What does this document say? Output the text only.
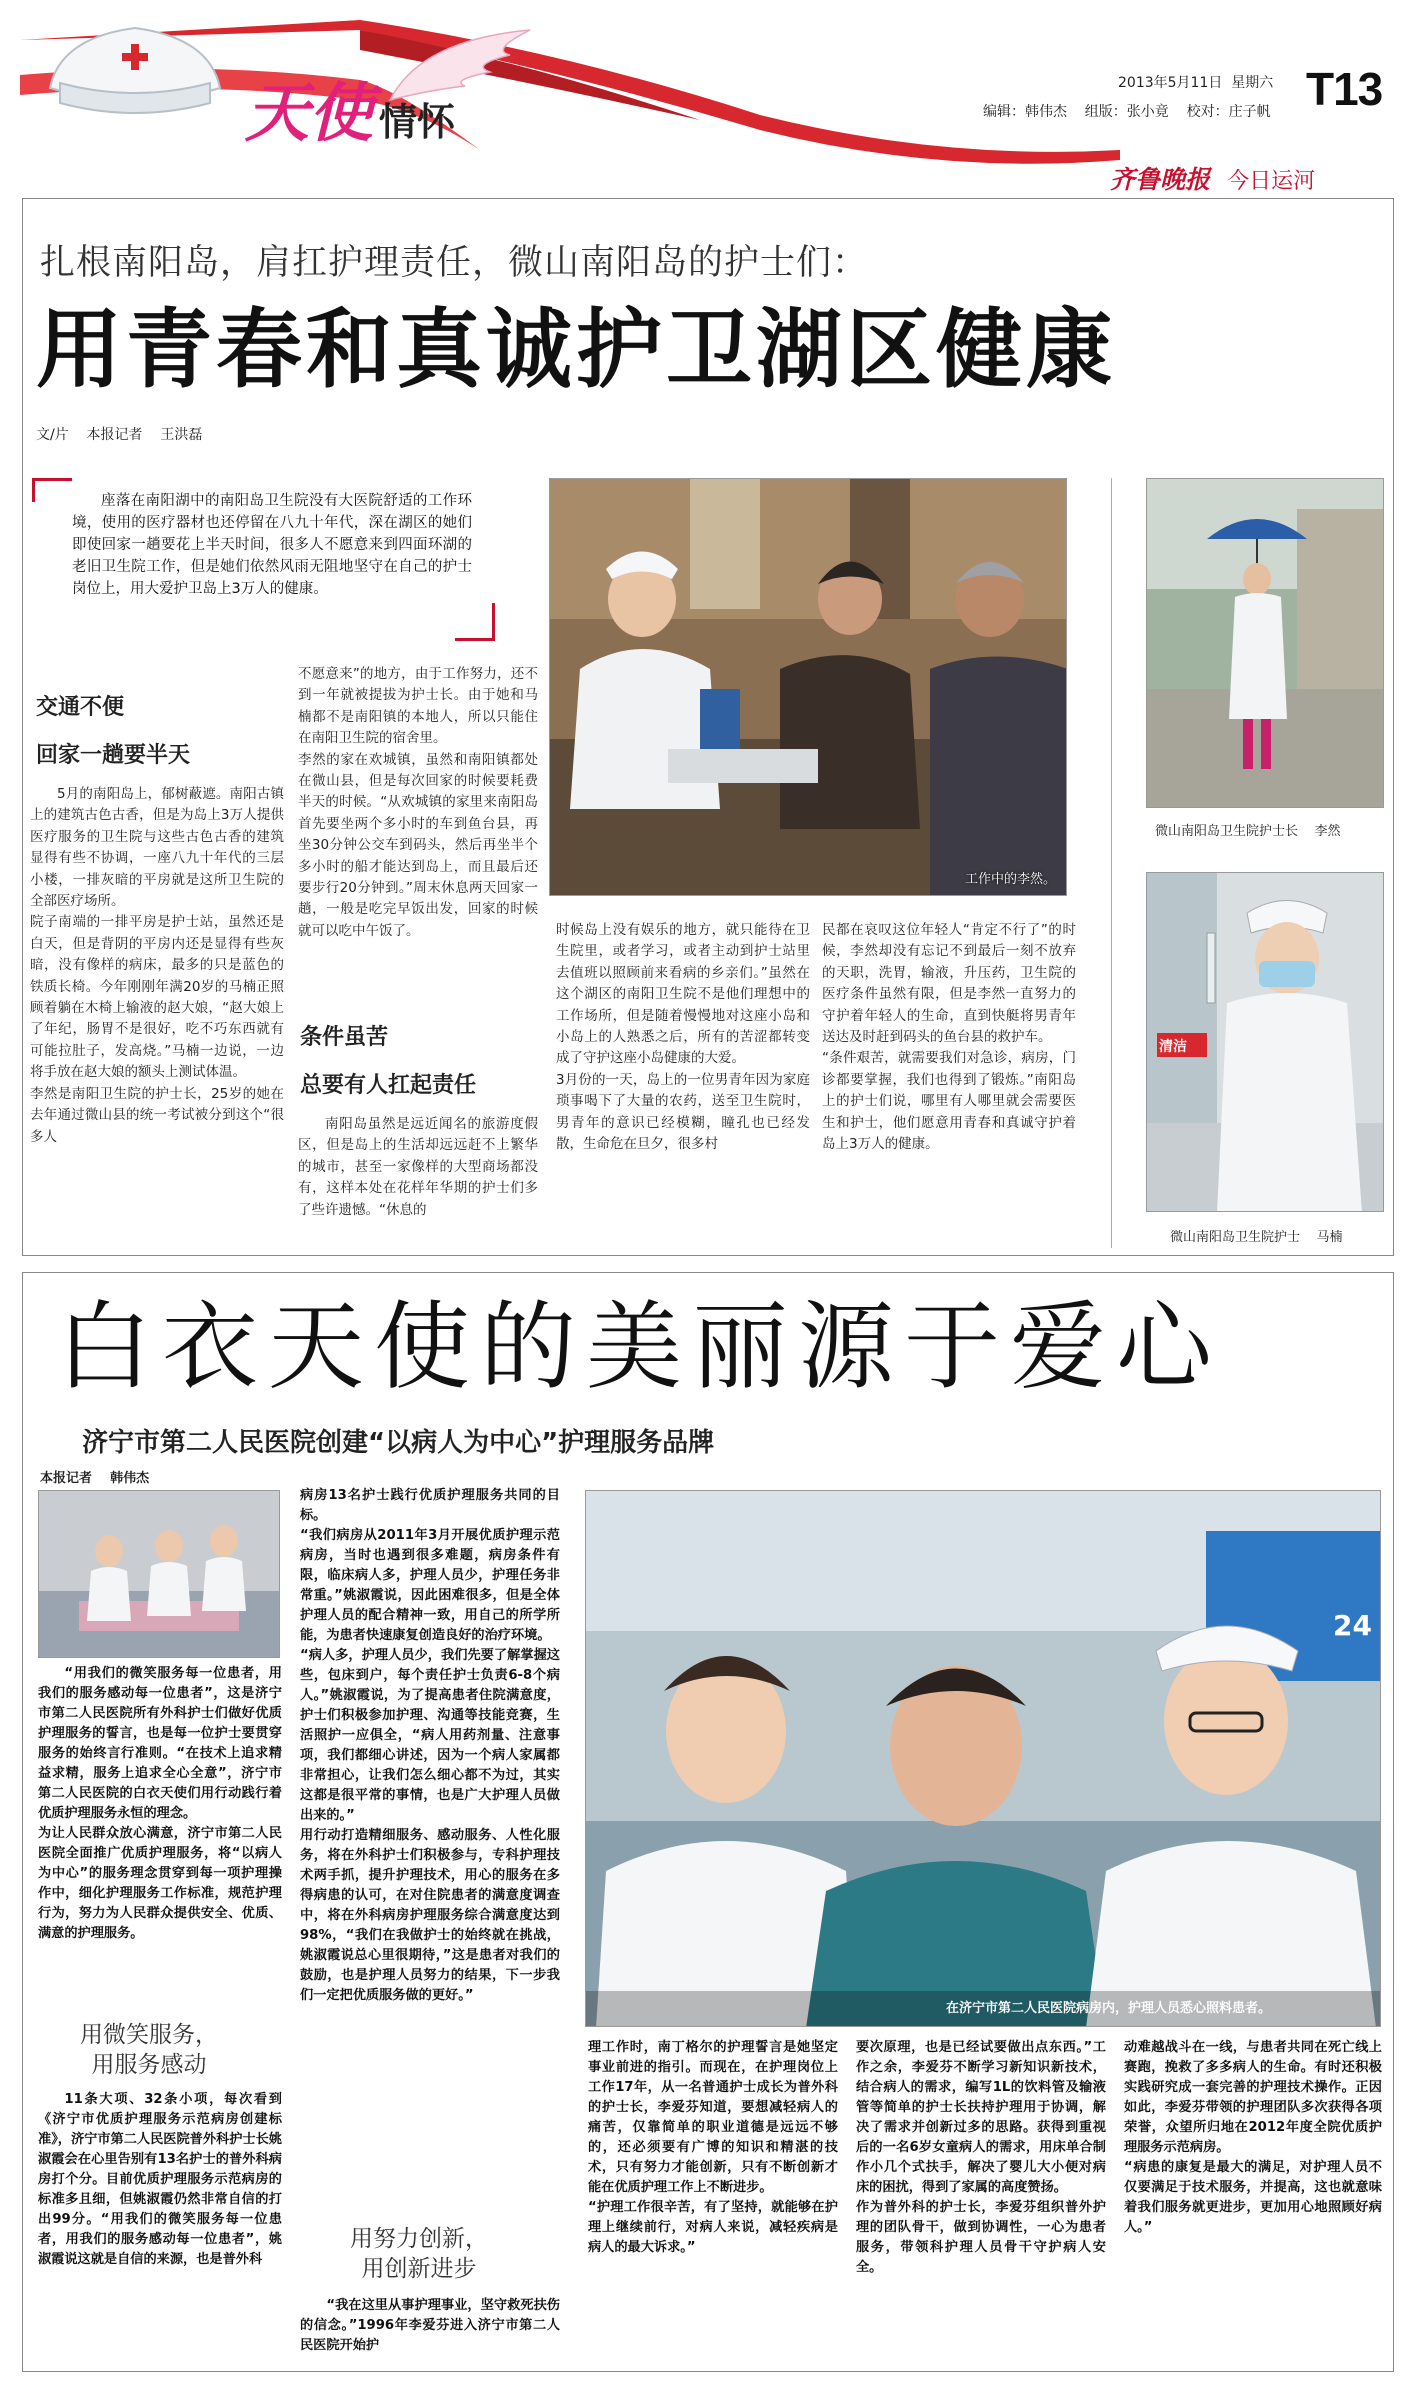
天使 情怀
2013年5月11日 星期六 T13
编辑：韩伟杰    组版：张小竟    校对：庄子帆
齐鲁晚报 今日运河
扎根南阳岛，肩扛护理责任，微山南阳岛的护士们：
用青春和真诚护卫湖区健康
文/片    本报记者    王洪磊
座落在南阳湖中的南阳岛卫生院没有大医院舒适的工作环境，使用的医疗器材也还停留在八九十年代，深在湖区的她们即使回家一趟要花上半天时间，很多人不愿意来到四面环湖的老旧卫生院工作，但是她们依然风雨无阻地坚守在自己的护士岗位上，用大爱护卫岛上3万人的健康。
交通不便
回家一趟要半天
5月的南阳岛上，郁树蔽遮。南阳古镇上的建筑古色古香，但是为岛上3万人提供医疗服务的卫生院与这些古色古香的建筑显得有些不协调，一座八九十年代的三层小楼，一排灰暗的平房就是这所卫生院的全部医疗场所。
院子南端的一排平房是护士站，虽然还是白天，但是背阴的平房内还是显得有些灰暗，没有像样的病床，最多的只是蓝色的铁质长椅。今年刚刚年满20岁的马楠正照顾着躺在木椅上输液的赵大娘，“赵大娘上了年纪，肠胃不是很好，吃不巧东西就有可能拉肚子，发高烧。”马楠一边说，一边将手放在赵大娘的额头上测试体温。
李然是南阳卫生院的护士长，25岁的她在去年通过微山县的统一考试被分到这个“很多人
不愿意来”的地方，由于工作努力，还不到一年就被提拔为护士长。由于她和马楠都不是南阳镇的本地人，所以只能住在南阳卫生院的宿舍里。
李然的家在欢城镇，虽然和南阳镇都处在微山县，但是每次回家的时候要耗费半天的时候。“从欢城镇的家里来南阳岛首先要坐两个多小时的车到鱼台县，再坐30分钟公交车到码头，然后再坐半个多小时的船才能达到岛上，而且最后还要步行20分钟到。”周末休息两天回家一趟，一般是吃完早饭出发，回家的时候就可以吃中午饭了。
条件虽苦
总要有人扛起责任
南阳岛虽然是远近闻名的旅游度假区，但是岛上的生活却远远赶不上繁华的城市，甚至一家像样的大型商场都没有，这样本处在花样年华期的护士们多了些许遗憾。“休息的
工作中的李然。
时候岛上没有娱乐的地方，就只能待在卫生院里，或者学习，或者主动到护士站里去值班以照顾前来看病的乡亲们。”虽然在这个湖区的南阳卫生院不是他们理想中的工作场所，但是随着慢慢地对这座小岛和小岛上的人熟悉之后，所有的苦涩都转变成了守护这座小岛健康的大爱。
3月份的一天，岛上的一位男青年因为家庭琐事喝下了大量的农药，送至卫生院时，男青年的意识已经模糊，瞳孔也已经发散，生命危在旦夕，很多村
民都在哀叹这位年轻人“肯定不行了”的时候，李然却没有忘记不到最后一刻不放弃的天职，洗胃，输液，升压药，卫生院的医疗条件虽然有限，但是李然一直努力的守护着年轻人的生命，直到快艇将男青年送达及时赶到码头的鱼台县的救护车。
“条件艰苦，就需要我们对急诊，病房，门诊都要掌握，我们也得到了锻炼。”南阳岛上的护士们说，哪里有人哪里就会需要医生和护士，他们愿意用青春和真诚守护着岛上3万人的健康。
微山南阳岛卫生院护士长    李然
清洁
微山南阳岛卫生院护士    马楠
白衣天使的美丽源于爱心
济宁市第二人民医院创建“以病人为中心”护理服务品牌
本报记者    韩伟杰
“用我们的微笑服务每一位患者，用我们的服务感动每一位患者”，这是济宁市第二人民医院所有外科护士们做好优质护理服务的誓言，也是每一位护士要贯穿服务的始终言行准则。“在技术上追求精益求精，服务上追求全心全意”，济宁市第二人民医院的白衣天使们用行动践行着优质护理服务永恒的理念。
为让人民群众放心满意，济宁市第二人民医院全面推广优质护理服务，将“以病人为中心”的服务理念贯穿到每一项护理操作中，细化护理服务工作标准，规范护理行为，努力为人民群众提供安全、优质、满意的护理服务。
用微笑服务，
用服务感动
11条大项、32条小项，每次看到《济宁市优质护理服务示范病房创建标准》，济宁市第二人民医院普外科护士长姚淑霞会在心里告别有13名护士的普外科病房打个分。目前优质护理服务示范病房的标准多且细，但姚淑霞仍然非常自信的打出99分。“用我们的微笑服务每一位患者，用我们的服务感动每一位患者”，姚淑霞说这就是自信的来源，也是普外科
病房13名护士践行优质护理服务共同的目标。
“我们病房从2011年3月开展优质护理示范病房，当时也遇到很多难题，病房条件有限，临床病人多，护理人员少，护理任务非常重。”姚淑霞说，因此困难很多，但是全体护理人员的配合精神一致，用自己的所学所能，为患者快速康复创造良好的治疗环境。
“病人多，护理人员少，我们先要了解掌握这些，包床到户，每个责任护士负责6-8个病人。”姚淑霞说，为了提高患者住院满意度，护士们积极参加护理、沟通等技能竞赛，生活照护一应俱全，“病人用药剂量、注意事项，我们都细心讲述，因为一个病人家属都非常担心，让我们怎么细心都不为过，其实这都是很平常的事情，也是广大护理人员做出来的。”
用行动打造精细服务、感动服务、人性化服务，将在外科护士们积极参与，专科护理技术两手抓，提升护理技术，用心的服务在多得病患的认可，在对住院患者的满意度调查中，将在外科病房护理服务综合满意度达到98%，“我们在我做护士的始终就在挑战，姚淑霞说总心里很期待，”这是患者对我们的鼓励，也是护理人员努力的结果，下一步我们一定把优质服务做的更好。”
用努力创新，
用创新进步
“我在这里从事护理事业，坚守救死扶伤的信念。”1996年李爱芬进入济宁市第二人民医院开始护
24
在济宁市第二人民医院病房内，护理人员悉心照料患者。
理工作时，南丁格尔的护理誓言是她坚定事业前进的指引。而现在，在护理岗位上工作17年，从一名普通护士成长为普外科的护士长，李爱芬知道，要想减轻病人的痛苦，仅靠简单的职业道德是远远不够的，还必须要有广博的知识和精湛的技术，只有努力才能创新，只有不断创新才能在优质护理工作上不断进步。
“护理工作很辛苦，有了坚持，就能够在护理上继续前行，对病人来说，减轻疾病是病人的最大诉求。”
要次原理，也是已经试要做出点东西。”工作之余，李爱芬不断学习新知识新技术，结合病人的需求，编写1L的饮料管及输液管等简单的护士长扶持护理用于协调，解决了需求并创新过多的思路。获得到重视后的一名6岁女童病人的需求，用床单合制作小几个式扶手，解决了婴儿大小便对病床的困扰，得到了家属的高度赞扬。
作为普外科的护士长，李爱芬组织普外护理的团队骨干，做到协调性，一心为患者服务，带领科护理人员骨干守护病人安全。
动难越战斗在一线，与患者共同在死亡线上赛跑，挽救了多多病人的生命。有时还积极实践研究成一套完善的护理技术操作。正因如此，李爱芬带领的护理团队多次获得各项荣誉，众望所归地在2012年度全院优质护理服务示范病房。
“病患的康复是最大的满足，对护理人员不仅要满足于技术服务，并提高，这也就意味着我们服务就更进步，更加用心地照顾好病人。”
